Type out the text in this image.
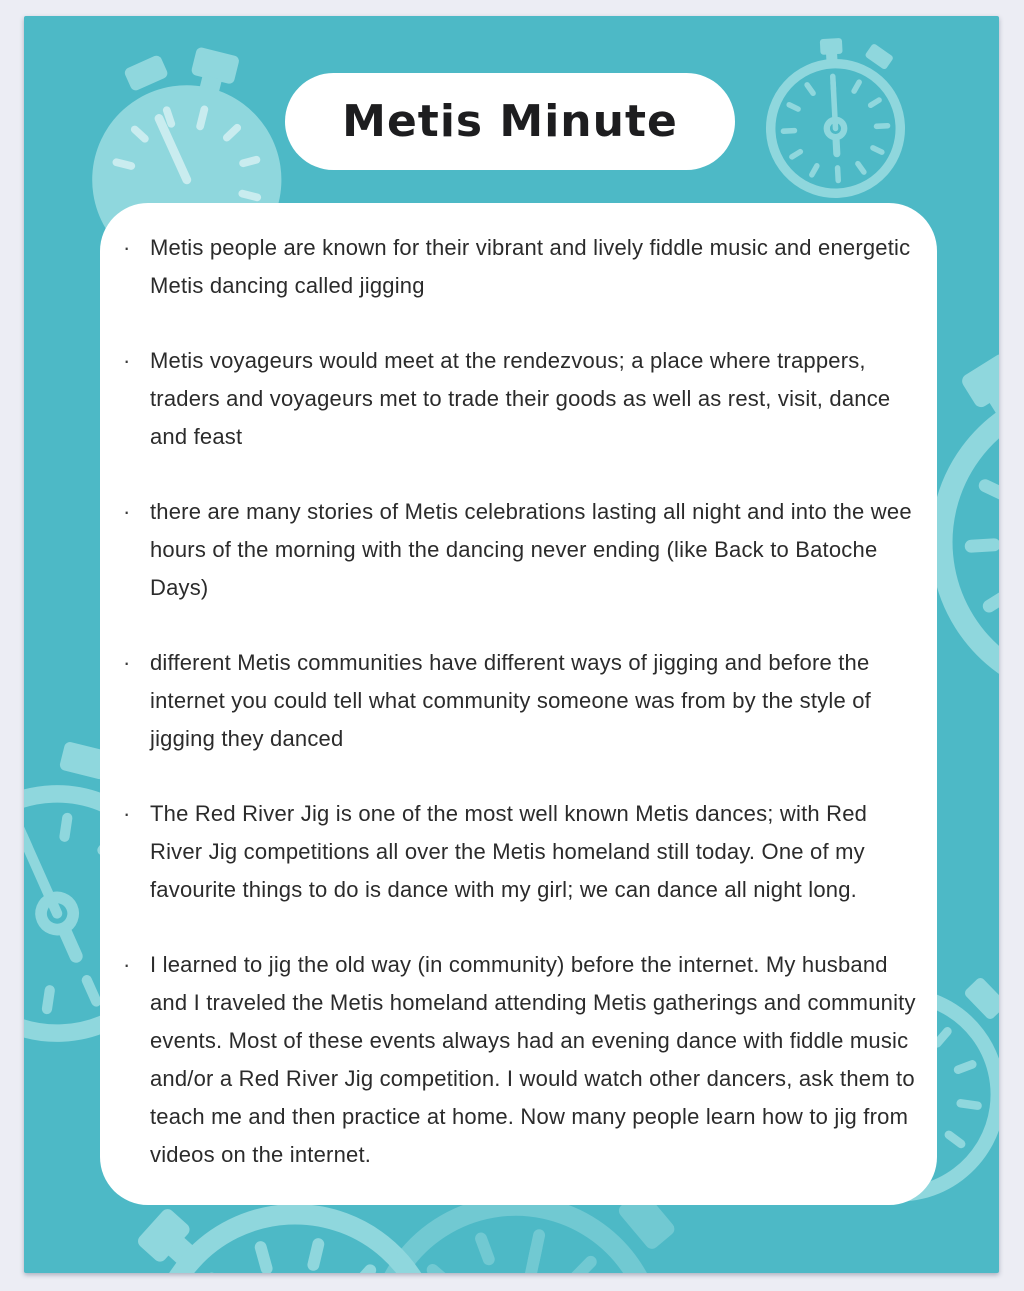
· Metis people are known for their vibrant and lively fiddle music and energetic Metis dancing called jigging
· Metis voyageurs would meet at the rendezvous; a place where trappers, traders and voyageurs met to trade their goods as well as rest, visit, dance and feast
· there are many stories of Metis celebrations lasting all night and into the wee hours of the morning with the dancing never ending (like Back to Batoche Days)
· different Metis communities have different ways of jigging and before the internet you could tell what community someone was from by the style of jigging they danced
· The Red River Jig is one of the most well known Metis dances; with Red River Jig competitions all over the Metis homeland still today. One of my favourite things to do is dance with my girl; we can dance all night long.
· I learned to jig the old way (in community) before the internet. My husband and I traveled the Metis homeland attending Metis gatherings and community events. Most of these events always had an evening dance with fiddle music and/or a Red River Jig competition. I would watch other dancers, ask them to teach me and then practice at home. Now many people learn how to jig from videos on the internet.
Metis Minute
